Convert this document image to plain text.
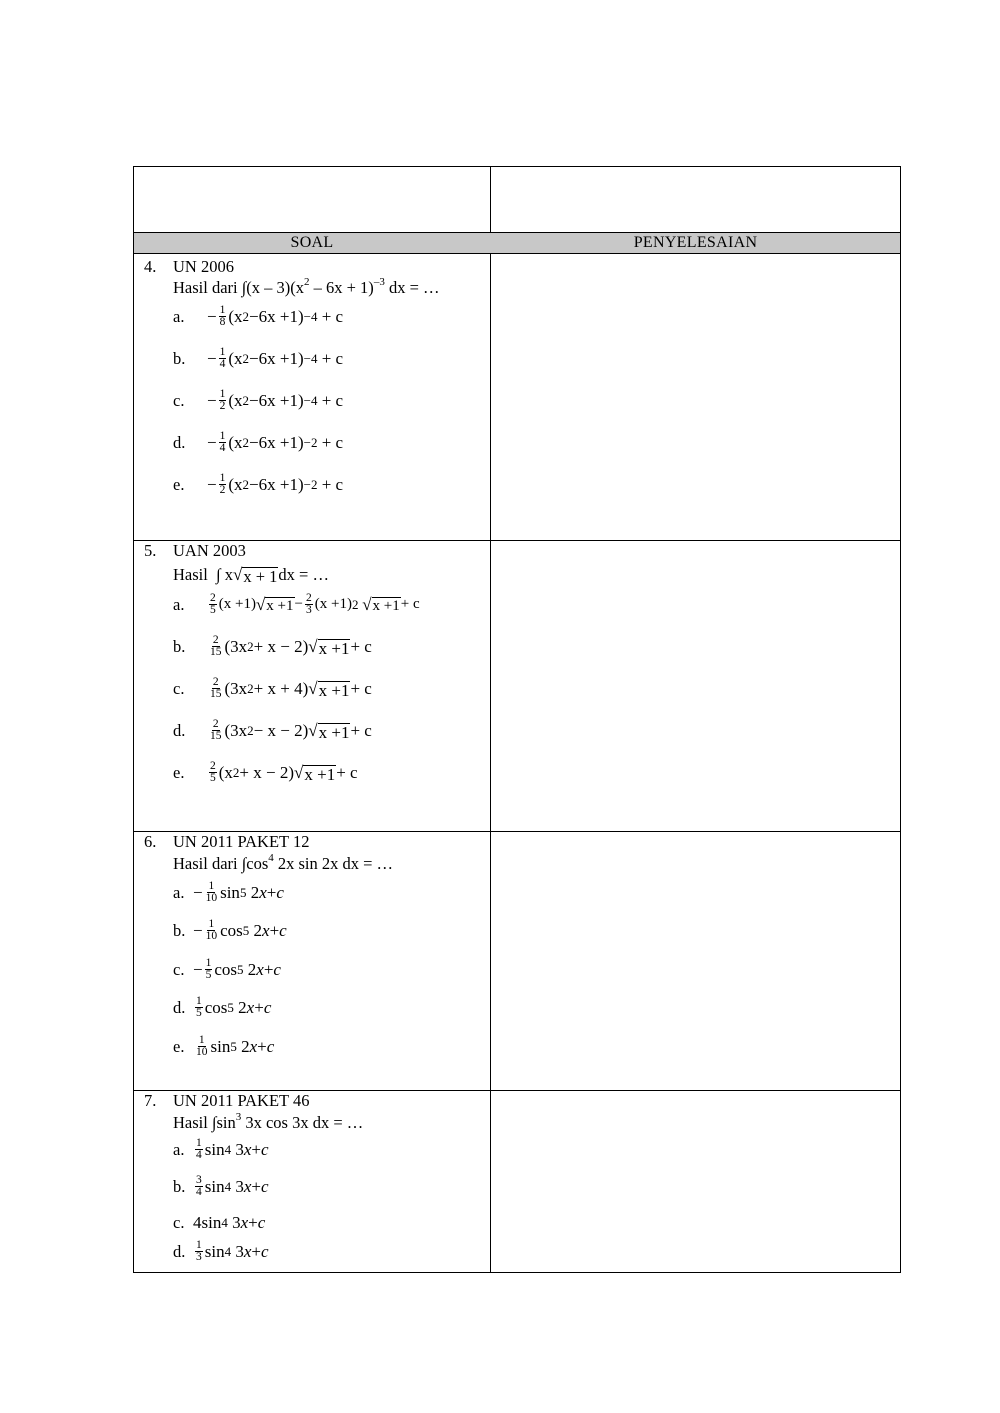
SOAL	PENYELESAIAN
4. UN 2006
Hasil dari $\int(x - 3)(x^2 - 6x + 1)^{-3}$ dx = …
a.	− $\frac{1}{8} (x$ 2 −6x +1) −4 + c
b.	− $\frac{1}{4} (x$ 2 −6x +1) −4 + c
c.	− $\frac{1}{2} (x$ 2 −6x +1) −4 + c
d.	− $\frac{1}{4} (x$ 2 −6x +1) −2 + c
e.	− $\frac{1}{2} (x$ 2 −6x +1) −2 + c
5. UAN 2003
Hasil  ∫ x √ x + 1 dx = …
a.	$\frac{2}{5} (x +1)$ √ $x +1 - \frac{2}{3} (x +1)$ 2
√ x +1 + c
b.	$\frac{2}{15} (3x$ 2 + x − 2) √ x +1 + c
c.	$\frac{2}{15} (3x$ 2 + x + 4) √ x +1 + c
d.	$\frac{2}{15} (3x$ 2 − x − 2) √ x +1 + c
e.	$\frac{2}{5} (x$ 2 + x − 2) √ x +1 + c
6. UN 2011 PAKET 12
Hasil dari $\int\cos^4$ 2x sin 2x dx = …
a. − $\frac{1}{10}$ sin 5 2 x + c
b. − $\frac{1}{10}$ cos 5 2 x + c
c. − $\frac{1}{5}$ cos 5 2 x + c
d. $\frac{1}{5}$ cos 5 2 x + c
e. $\frac{1}{10}$ sin 5 2 x + c
7. UN 2011 PAKET 46
Hasil $\int\sin^3$ 3x cos 3x dx = …
a. $\frac{1}{4}$ sin 4 3 x + c
b. $\frac{3}{4}$ sin 4 3 x + c
c. 4sin 4 3 x + c
d. $\frac{1}{3}$ sin 4 3 x + c
